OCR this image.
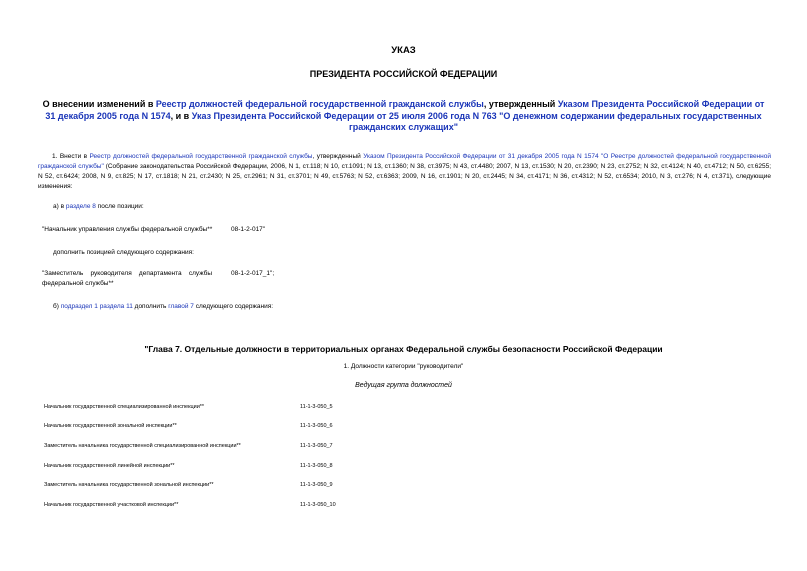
УКАЗ
ПРЕЗИДЕНТА РОССИЙСКОЙ ФЕДЕРАЦИИ
О внесении изменений в Реестр должностей федеральной государственной гражданской службы, утвержденный Указом Президента Российской Федерации от 31 декабря 2005 года N 1574, и в Указ Президента Российской Федерации от 25 июля 2006 года N 763 "О денежном содержании федеральных государственных гражданских служащих"
1. Внести в Реестр должностей федеральной государственной гражданской службы, утвержденный Указом Президента Российской Федерации от 31 декабря 2005 года N 1574 "О Реестре должностей федеральной государственной гражданской службы" (Собрание законодательства Российской Федерации, 2006, N 1, ст.118; N 10, ст.1091; N 13, ст.1360; N 38, ст.3975; N 43, ст.4480; 2007, N 13, ст.1530; N 20, ст.2390; N 23, ст.2752; N 32, ст.4124; N 40, ст.4712; N 50, ст.6255; N 52, ст.6424; 2008, N 9, ст.825; N 17, ст.1818; N 21, ст.2430; N 25, ст.2961; N 31, ст.3701; N 49, ст.5763; N 52, ст.6363; 2009, N 16, ст.1901; N 20, ст.2445; N 34, ст.4171; N 36, ст.4312; N 52, ст.6534; 2010, N 3, ст.276; N 4, ст.371), следующие изменения:
а) в разделе 8 после позиции:
"Начальник управления службы федеральной службы**	08-1-2-017"
дополнить позицией следующего содержания:
"Заместитель    руководителя    департамента    службы
федеральной службы**
08-1-2-017_1";
б) подраздел 1 раздела 11 дополнить главой 7 следующего содержания:
"Глава 7. Отдельные должности в территориальных органах Федеральной службы безопасности Российской Федерации
1. Должности категории "руководители"
Ведущая группа должностей
Начальник государственной специализированной инспекции**	11-1-3-050_5
Начальник государственной зональной инспекции**	11-1-3-050_6
Заместитель начальника государственной специализированной инспекции**	11-1-3-050_7
Начальник государственной линейной инспекции**	11-1-3-050_8
Заместитель начальника государственной зональной инспекции**	11-1-3-050_9
Начальник государственной участковой инспекции**	11-1-3-050_10
